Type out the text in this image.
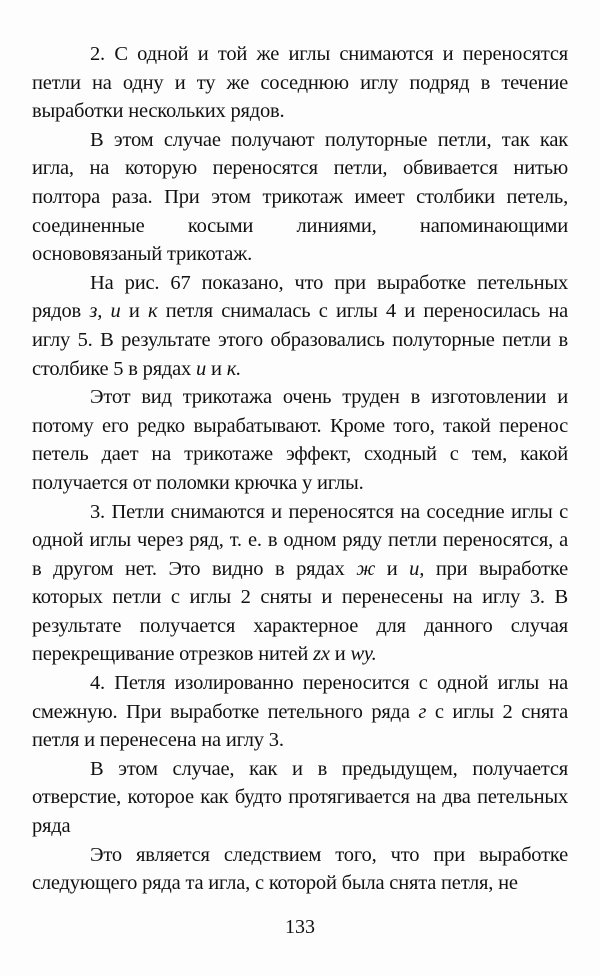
2. С одной и той же иглы снимаются и переносятся петли на одну и ту же соседнюю иглу подряд в течение выработки нескольких рядов.

В этом случае получают полуторные петли, так как игла, на которую переносятся петли, обвивается нитью полтора раза. При этом трикотаж имеет столбики петель, соединенные косыми линиями, напоминающими основовязаный трикотаж.

На рис. 67 показано, что при выработке петельных рядов з, и и к петля снималась с иглы 4 и переносилась на иглу 5. В результате этого образовались полуторные петли в столбике 5 в рядах и и к.

Этот вид трикотажа очень труден в изготовлении и потому его редко вырабатывают. Кроме того, такой перенос петель дает на трикотаже эффект, сходный с тем, какой получается от поломки крючка у иглы.

3. Петли снимаются и переносятся на соседние иглы с одной иглы через ряд, т. е. в одном ряду петли переносятся, а в другом нет. Это видно в рядах ж и и, при выработке которых петли с иглы 2 сняты и перенесены на иглу 3. В результате получается характерное для данного случая перекрещивание отрезков нитей zx и wy.

4. Петля изолированно переносится с одной иглы на смежную. При выработке петельного ряда г с иглы 2 снята петля и перенесена на иглу 3.

В этом случае, как и в предыдущем, получается отверстие, которое как будто протягивается на два петельных ряда

Это является следствием того, что при выработке следующего ряда та игла, с которой была снята петля, не

133
